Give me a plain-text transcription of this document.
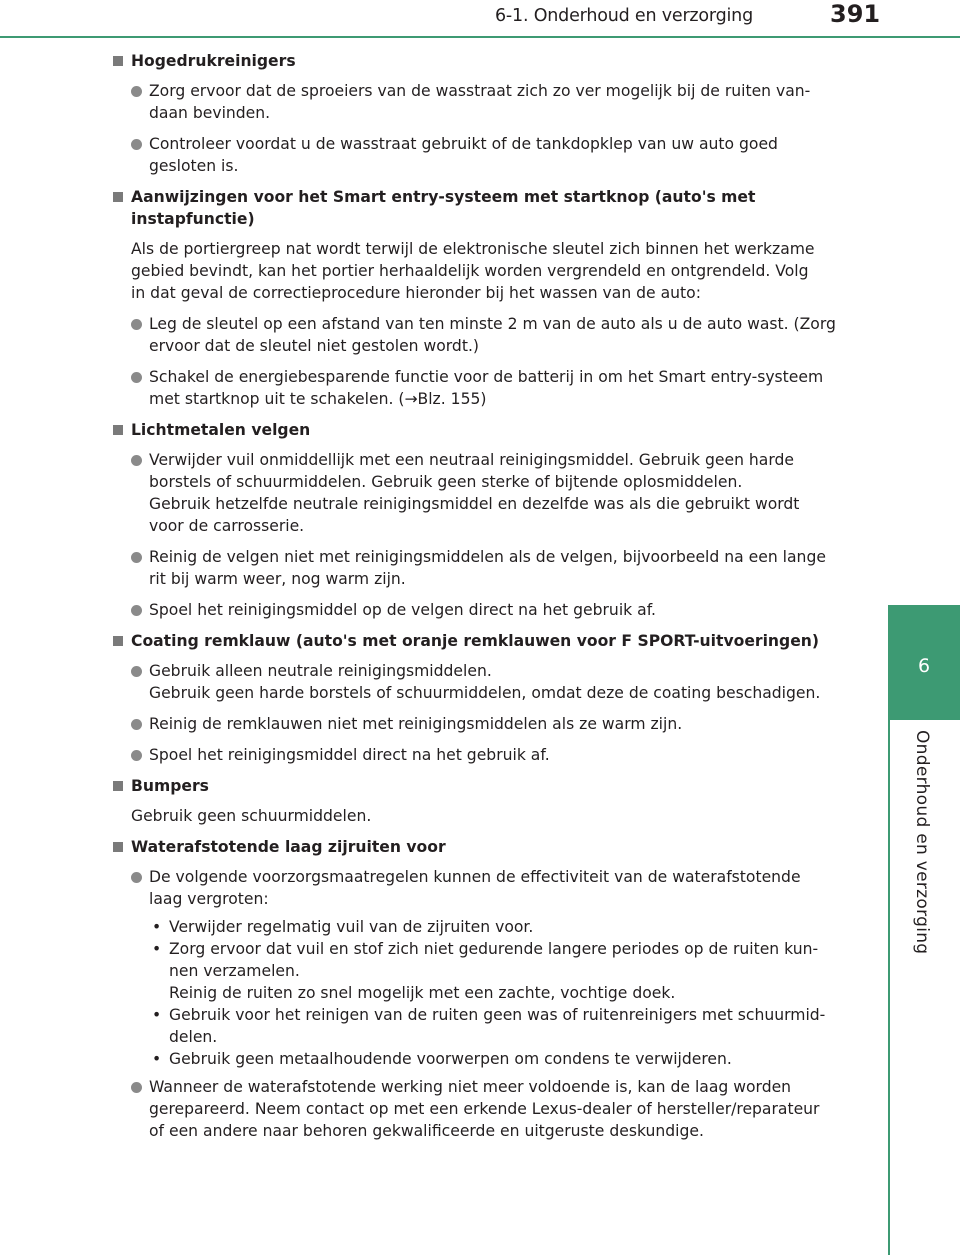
6-1. Onderhoud en verzorging	391
6
Onderhoud en verzorging
Hogedrukreinigers
Zorg ervoor dat de sproeiers van de wasstraat zich zo ver mogelijk bij de ruiten van-
daan bevinden.
Controleer voordat u de wasstraat gebruikt of de tankdopklep van uw auto goed
gesloten is.
Aanwijzingen voor het Smart entry-systeem met startknop (auto's met instapfunctie)
Als de portiergreep nat wordt terwijl de elektronische sleutel zich binnen het werkzame
gebied bevindt, kan het portier herhaaldelijk worden vergrendeld en ontgrendeld. Volg
in dat geval de correctieprocedure hieronder bij het wassen van de auto:
Leg de sleutel op een afstand van ten minste 2 m van de auto als u de auto wast. (Zorg
ervoor dat de sleutel niet gestolen wordt.)
Schakel de energiebesparende functie voor de batterij in om het Smart entry-systeem
met startknop uit te schakelen. (→Blz. 155)
Lichtmetalen velgen
Verwijder vuil onmiddellijk met een neutraal reinigingsmiddel. Gebruik geen harde
borstels of schuurmiddelen. Gebruik geen sterke of bijtende oplosmiddelen.
Gebruik hetzelfde neutrale reinigingsmiddel en dezelfde was als die gebruikt wordt
voor de carrosserie.
Reinig de velgen niet met reinigingsmiddelen als de velgen, bijvoorbeeld na een lange
rit bij warm weer, nog warm zijn.
Spoel het reinigingsmiddel op de velgen direct na het gebruik af.
Coating remklauw (auto's met oranje remklauwen voor F SPORT-uitvoeringen)
Gebruik alleen neutrale reinigingsmiddelen.
Gebruik geen harde borstels of schuurmiddelen, omdat deze de coating beschadigen.
Reinig de remklauwen niet met reinigingsmiddelen als ze warm zijn.
Spoel het reinigingsmiddel direct na het gebruik af.
Bumpers
Gebruik geen schuurmiddelen.
Waterafstotende laag zijruiten voor
De volgende voorzorgsmaatregelen kunnen de effectiviteit van de waterafstotende
laag vergroten:
• Verwijder regelmatig vuil van de zijruiten voor.
• Zorg ervoor dat vuil en stof zich niet gedurende langere periodes op de ruiten kun-
nen verzamelen.
Reinig de ruiten zo snel mogelijk met een zachte, vochtige doek.
• Gebruik voor het reinigen van de ruiten geen was of ruitenreinigers met schuurmid-
delen.
• Gebruik geen metaalhoudende voorwerpen om condens te verwijderen.
Wanneer de waterafstotende werking niet meer voldoende is, kan de laag worden
gerepareerd. Neem contact op met een erkende Lexus-dealer of hersteller/reparateur
of een andere naar behoren gekwalificeerde en uitgeruste deskundige.
